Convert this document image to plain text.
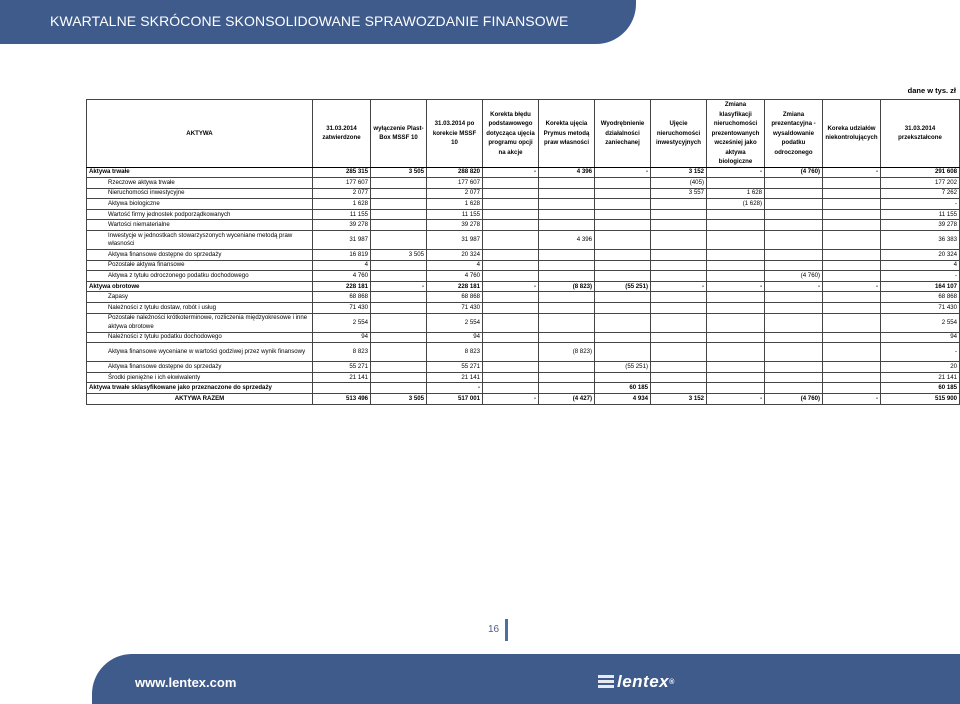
KWARTALNE SKRÓCONE SKONSOLIDOWANE SPRAWOZDANIE FINANSOWE
dane w tys. zł
AKTYWA	31.03.2014 zatwierdzone	wyłączenie Plast-Box MSSF 10	31.03.2014 po korekcie MSSF 10	Korekta błędu podstawowego dotycząca ujęcia programu opcji na akcje	Korekta ujęcia Prymus metodą praw własności	Wyodrębnienie działalności zaniechanej	Ujęcie nieruchomości inwestycyjnych	Zmiana klasyfikacji nieruchomości prezentowanych wcześniej jako aktywa biologiczne	Zmiana prezentacyjna - wysaldowanie podatku odroczonego	Koreka udziałów niekontrolujących	31.03.2014 przekształcone
Aktywa trwałe	285 315	3 505	288 820	-	4 396	-	3 152	-	(4 760)	-	291 608
Rzeczowe aktywa trwałe	177 607		177 607				(405)				177 202
Nieruchomości inwestycyjne	2 077		2 077				3 557	1 628			7 262
Aktywa biologiczne	1 628		1 628					(1 628)			-
Wartość firmy jednostek podporządkowanych	11 155		11 155								11 155
Wartości niematerialne	39 278		39 278								39 278
Inwestycje w jednostkach stowarzyszonych wyceniane metodą praw własności	31 987		31 987		4 396						36 383
Aktywa finansowe dostępne do sprzedaży	16 819	3 505	20 324								20 324
Pozostałe aktywa finansowe	4		4								4
Aktywa z tytułu odroczonego podatku dochodowego	4 760		4 760						(4 760)		-
Aktywa obrotowe	228 181	-	228 181	-	(8 823)	(55 251)	-	-	-	-	164 107
Zapasy	68 868		68 868								68 868
Należności z tytułu dostaw, robót i usług	71 430		71 430								71 430
Pozostałe należności krótkoterminowe, rozliczenia międzyokresowe i inne aktywa obrotowe	2 554		2 554								2 554
Należności z tytułu podatku dochodowego	94		94								94
Aktywa finansowe wyceniane w wartości godziwej przez wynik finansowy	8 823		8 823		(8 823)						-
Aktywa finansowe dostępne do sprzedaży	55 271		55 271			(55 251)					20
Środki pieniężne i ich ekwiwalenty	21 141		21 141								21 141
Aktywa trwałe sklasyfikowane jako przeznaczone do sprzedaży			-			60 185					60 185
AKTYWA RAZEM	513 496	3 505	517 001	-	(4 427)	4 934	3 152	-	(4 760)	-	515 900
16
www.lentex.com	lentex ®
